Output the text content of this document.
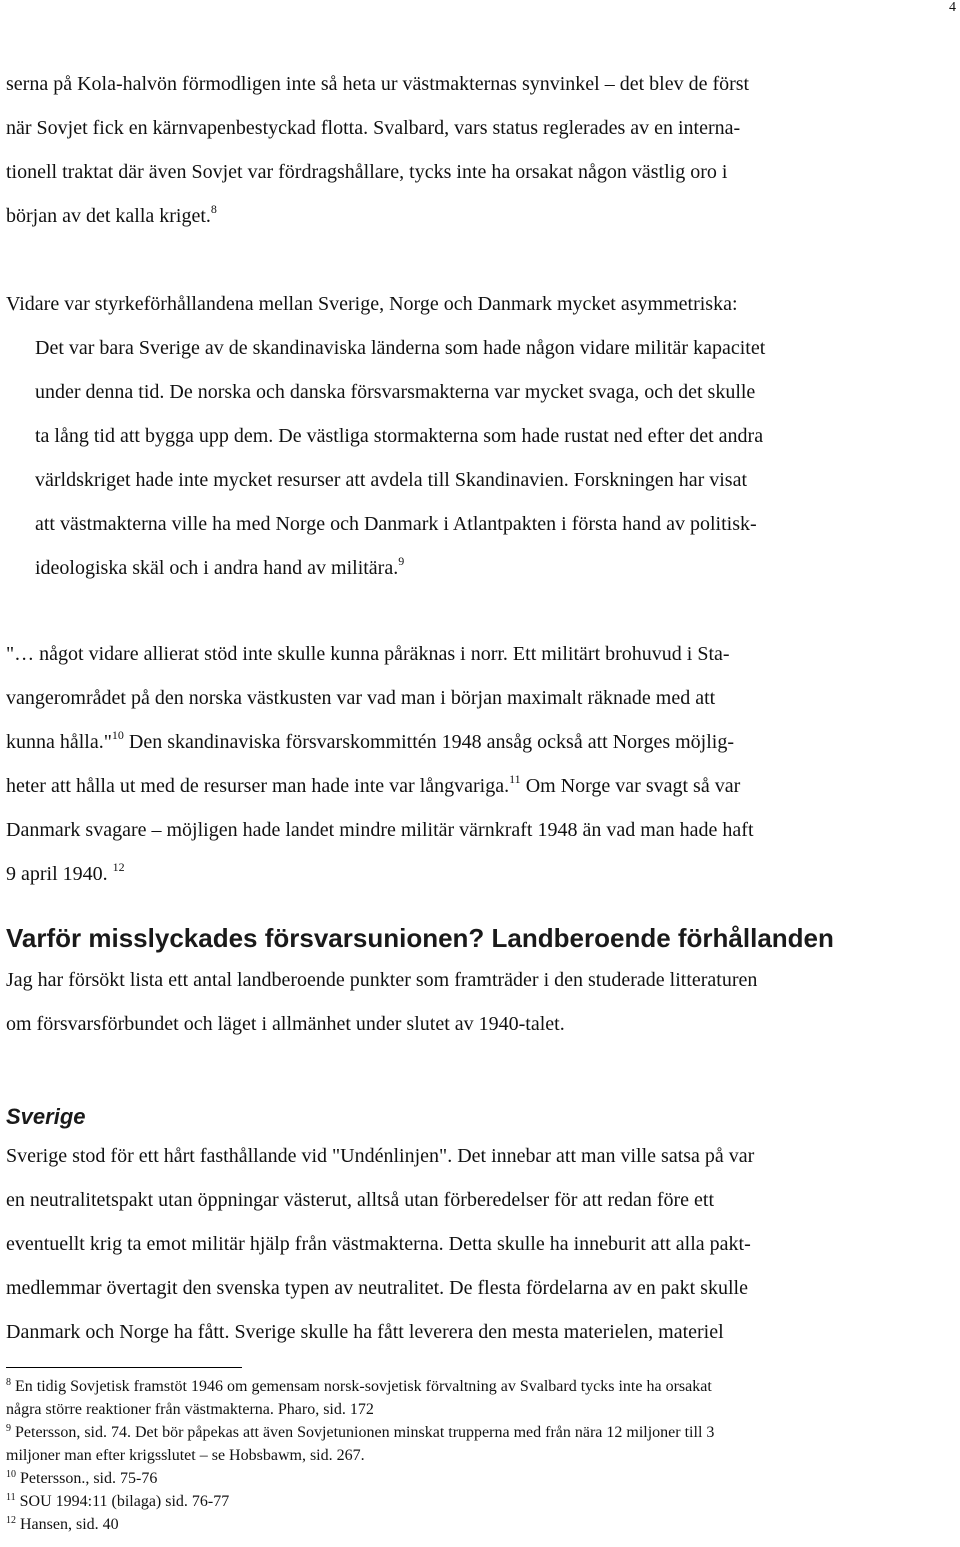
4
serna på Kola-halvön förmodligen inte så heta ur västmakternas synvinkel – det blev de först
när Sovjet fick en kärnvapenbestyckad flotta. Svalbard, vars status reglerades av en interna-
tionell traktat där även Sovjet var fördragshållare, tycks inte ha orsakat någon västlig oro i
början av det kalla kriget.$^8$
Vidare var styrkeförhållandena mellan Sverige, Norge och Danmark mycket asymmetriska:
Det var bara Sverige av de skandinaviska länderna som hade någon vidare militär kapacitet
under denna tid. De norska och danska försvarsmakterna var mycket svaga, och det skulle
ta lång tid att bygga upp dem. De västliga stormakterna som hade rustat ned efter det andra
världskriget hade inte mycket resurser att avdela till Skandinavien. Forskningen har visat
att västmakterna ville ha med Norge och Danmark i Atlantpakten i första hand av politisk-
ideologiska skäl och i andra hand av militära.$^9$
"… något vidare allierat stöd inte skulle kunna påräknas i norr. Ett militärt brohuvud i Sta-
vangerområdet på den norska västkusten var vad man i början maximalt räknade med att
kunna hålla."$^{10}$ Den skandinaviska försvarskommittén 1948 ansåg också att Norges möjlig-
heter att hålla ut med de resurser man hade inte var långvariga.$^{11}$ Om Norge var svagt så var
Danmark svagare – möjligen hade landet mindre militär värnkraft 1948 än vad man hade haft
9 april 1940. $^{12}$
Varför misslyckades försvarsunionen? Landberoende förhållanden
Jag har försökt lista ett antal landberoende punkter som framträder i den studerade litteraturen
om försvarsförbundet och läget i allmänhet under slutet av 1940-talet.
Sverige
Sverige stod för ett hårt fasthållande vid "Undénlinjen". Det innebar att man ville satsa på var
en neutralitetspakt utan öppningar västerut, alltså utan förberedelser för att redan före ett
eventuellt krig ta emot militär hjälp från västmakterna. Detta skulle ha inneburit att alla pakt-
medlemmar övertagit den svenska typen av neutralitet. De flesta fördelarna av en pakt skulle
Danmark och Norge ha fått. Sverige skulle ha fått leverera den mesta materielen, materiel
$^8$ En tidig Sovjetisk framstöt 1946 om gemensam norsk-sovjetisk förvaltning av Svalbard tycks inte ha orsakat
några större reaktioner från västmakterna. Pharo, sid. 172
$^9$ Petersson, sid. 74. Det bör påpekas att även Sovjetunionen minskat trupperna med från nära 12 miljoner till 3
miljoner man efter krigsslutet – se Hobsbawm, sid. 267.
$^{10}$ Petersson., sid. 75-76
$^{11}$ SOU 1994:11 (bilaga) sid. 76-77
$^{12}$ Hansen, sid. 40
